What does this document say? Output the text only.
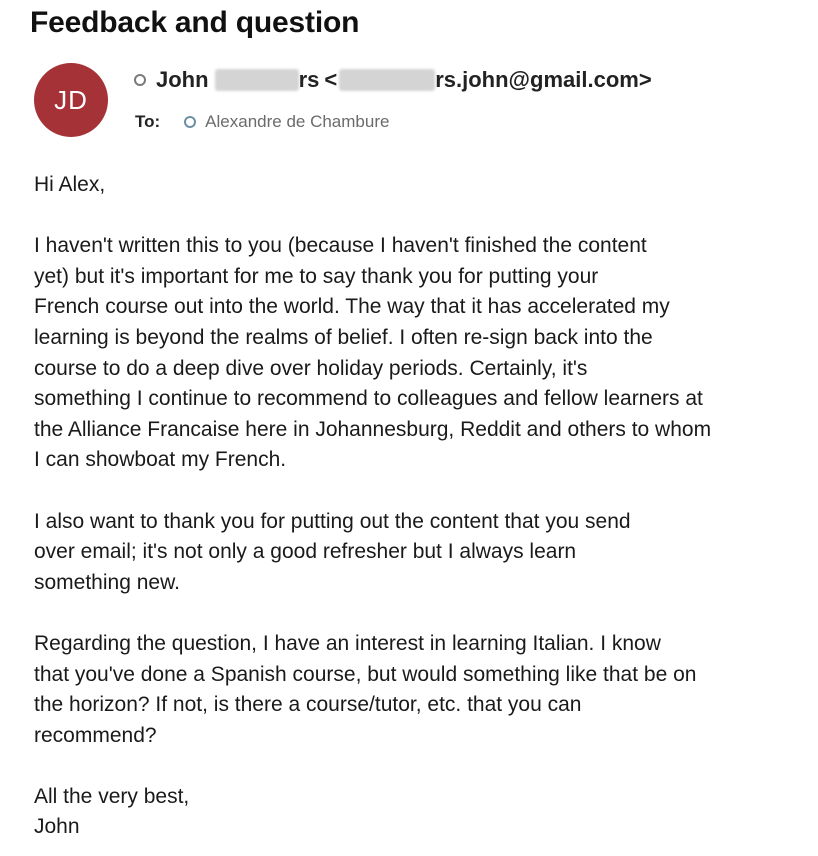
Feedback and question
JD
John	rs <	rs.john@gmail.com>
To:	Alexandre de Chambure

Hi Alex,

I haven't written this to you (because I haven't finished the content
yet) but it's important for me to say thank you for putting your
French course out into the world. The way that it has accelerated my
learning is beyond the realms of belief. I often re-sign back into the
course to do a deep dive over holiday periods. Certainly, it's
something I continue to recommend to colleagues and fellow learners at
the Alliance Francaise here in Johannesburg, Reddit and others to whom
I can showboat my French.

I also want to thank you for putting out the content that you send
over email; it's not only a good refresher but I always learn
something new.

Regarding the question, I have an interest in learning Italian. I know
that you've done a Spanish course, but would something like that be on
the horizon? If not, is there a course/tutor, etc. that you can
recommend?

All the very best,

John
